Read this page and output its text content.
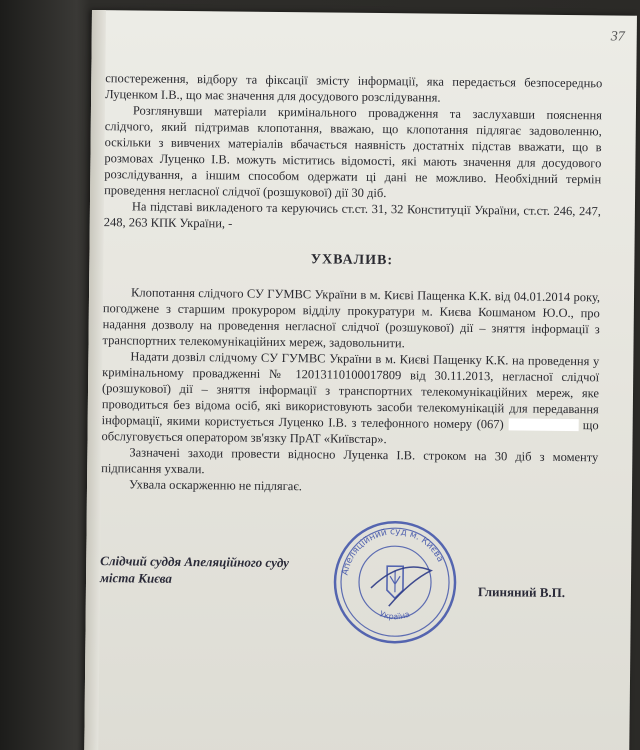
37

спостереження, відбору та фіксації змісту інформації, яка передається безпосередньо Луценком І.В., що має значення для досудового розслідування.

Розглянувши матеріали кримінального провадження та заслухавши пояснення слідчого, який підтримав клопотання, вважаю, що клопотання підлягає задоволенню, оскільки з вивчених матеріалів вбачається наявність достатніх підстав вважати, що в розмовах Луценко І.В. можуть міститись відомості, які мають значення для досудового розслідування, а іншим способом одержати ці дані не можливо. Необхідний термін проведення негласної слідчої (розшукової) дії 30 діб.

На підставі викладеного та керуючись ст.ст. 31, 32 Конституції України, ст.ст. 246, 247, 248, 263 КПК України, -

УХВАЛИВ:

Клопотання слідчого СУ ГУМВС України в м. Києві Пащенка К.К. від 04.01.2014 року, погоджене з старшим прокурором відділу прокуратури м. Києва Кошманом Ю.О., про надання дозволу на проведення негласної слідчої (розшукової) дії – зняття інформації з транспортних телекомунікаційних мереж, задовольнити.

Надати дозвіл слідчому СУ ГУМВС України в м. Києві Пащенку К.К. на проведення у кримінальному провадженні № 12013110100017809 від 30.11.2013, негласної слідчої (розшукової) дії – зняття інформації з транспортних телекомунікаційних мереж, яке проводиться без відома осіб, які використовують засоби телекомунікацій для передавання інформації, якими користується Луценко І.В. з телефонного номеру (067)	що обслуговується оператором зв'язку ПрАТ «Київстар».

Зазначені заходи провести відносно Луценка І.В. строком на 30 діб з моменту підписання ухвали.

Ухвала оскарженню не підлягає.

Слідчий суддя Апеляційного суду
міста Києва	Апеляційний суд м. Києва
Україна
Глиняний В.П.
